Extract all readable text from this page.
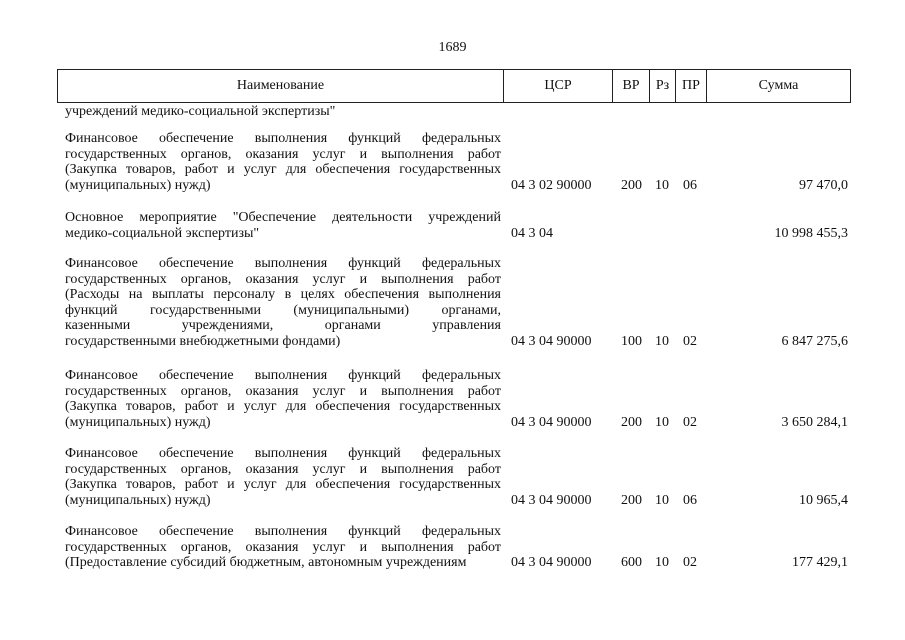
1689
Наименование	ЦСР	ВР	Рз ПР	Сумма
учреждений медико-социальной экспертизы"
Финансовое обеспечение выполнения функций федеральных
государственных органов, оказания услуг и выполнения работ
(Закупка товаров, работ и услуг для обеспечения государственных
(муниципальных) нужд)	04 3 02 90000 200 10 06	97 470,0
Основное мероприятие "Обеспечение деятельности учреждений
медико-социальной экспертизы"	04 3 04	10 998 455,3
Финансовое обеспечение выполнения функций федеральных
государственных органов, оказания услуг и выполнения работ
(Расходы на выплаты персоналу в целях обеспечения выполнения
функций государственными (муниципальными) органами,
казенными учреждениями, органами управления
государственными внебюджетными фондами)	04 3 04 90000 100 10 02	6 847 275,6
Финансовое обеспечение выполнения функций федеральных
государственных органов, оказания услуг и выполнения работ
(Закупка товаров, работ и услуг для обеспечения государственных
(муниципальных) нужд)	04 3 04 90000 200 10 02	3 650 284,1
Финансовое обеспечение выполнения функций федеральных
государственных органов, оказания услуг и выполнения работ
(Закупка товаров, работ и услуг для обеспечения государственных
(муниципальных) нужд)	04 3 04 90000 200 10 06	10 965,4
Финансовое обеспечение выполнения функций федеральных
государственных органов, оказания услуг и выполнения работ
(Предоставление субсидий бюджетным, автономным учреждениям	04 3 04 90000 600 10 02	177 429,1
